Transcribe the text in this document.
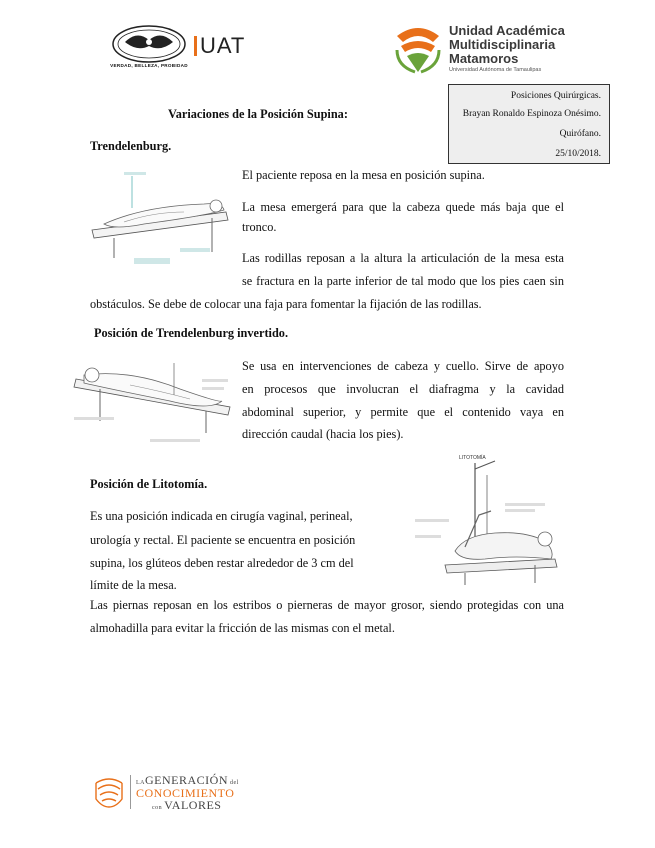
VERDAD, BELLEZA, PROBIDAD
UAT
Unidad Académica
Multidisciplinaria
Matamoros
Universidad Autónoma de Tamaulipas
Posiciones Quirúrgicas.
Brayan Ronaldo Espinoza Onésimo.
Quirófano.
25/10/2018.
Variaciones de la Posición Supina:
Trendelenburg.
El paciente reposa en la mesa en posición supina.
La mesa emergerá para que la cabeza quede más baja que el
tronco.
Las rodillas reposan a la altura la articulación de la mesa esta
se fractura en la parte inferior de tal modo que los pies caen sin
obstáculos. Se debe de colocar una faja para fomentar la fijación de las rodillas.
Posición de Trendelenburg invertido.
Se usa en intervenciones de cabeza y cuello. Sirve de apoyo
en procesos que involucran el diafragma y la cavidad
abdominal superior, y permite que el contenido vaya en
dirección caudal (hacia los pies).
Posición de Litotomía.
Es una posición indicada en cirugía vaginal, perineal,
urología y rectal. El paciente se encuentra en posición
supina, los glúteos deben restar alrededor de 3 cm del
límite de la mesa.
LITOTOMÍA
Las piernas reposan en los estribos o pierneras de mayor grosor, siendo protegidas con una
almohadilla para evitar la fricción de las mismas con el metal.
LAGENERACIÓN del
CONOCIMIENTO
con VALORES
